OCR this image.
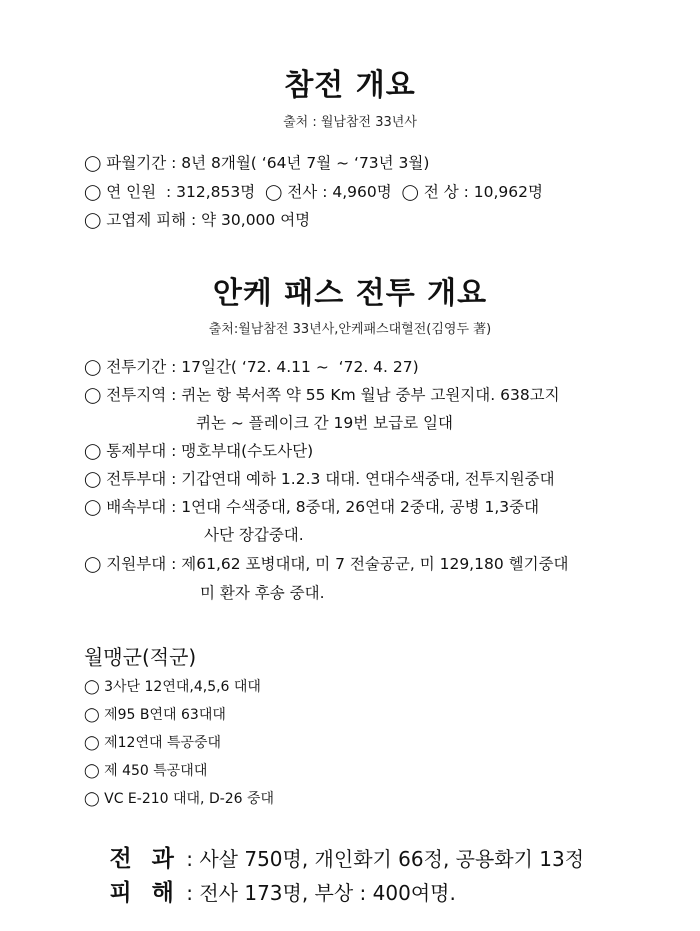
참전 개요
출처 : 월남참전 33년사
◯ 파월기간 : 8년 8개월( ‘64년 7월 ~ ‘73년 3월)
◯ 연 인원  : 312,853명  ◯ 전사 : 4,960명  ◯ 전 상 : 10,962명
◯ 고엽제 피해 : 약 30,000 여명
안케 패스 전투 개요
출처:월남참전 33년사,안케패스대혈전(김영두 著)
◯ 전투기간 : 17일간( ‘72. 4.11 ~  ‘72. 4. 27)
◯ 전투지역 : 퀴논 항 북서쪽 약 55 Km 월남 중부 고원지대. 638고지
퀴논 ~ 플레이크 간 19번 보급로 일대
◯ 통제부대 : 맹호부대(수도사단)
◯ 전투부대 : 기갑연대 예하 1.2.3 대대. 연대수색중대, 전투지원중대
◯ 배속부대 : 1연대 수색중대, 8중대, 26연대 2중대, 공병 1,3중대
사단 장갑중대.
◯ 지원부대 : 제61,62 포병대대, 미 7 전술공군, 미 129,180 헬기중대
미 환자 후송 중대.
월맹군(적군)
◯ 3사단 12연대,4,5,6 대대
◯ 제95 B연대 63대대
◯ 제12연대 특공중대
◯ 제 450 특공대대
◯ VC E-210 대대, D-26 중대

전 과 : 사살 750명, 개인화기 66정, 공용화기 13정

피 해 : 전사 173명, 부상 : 400여명.
